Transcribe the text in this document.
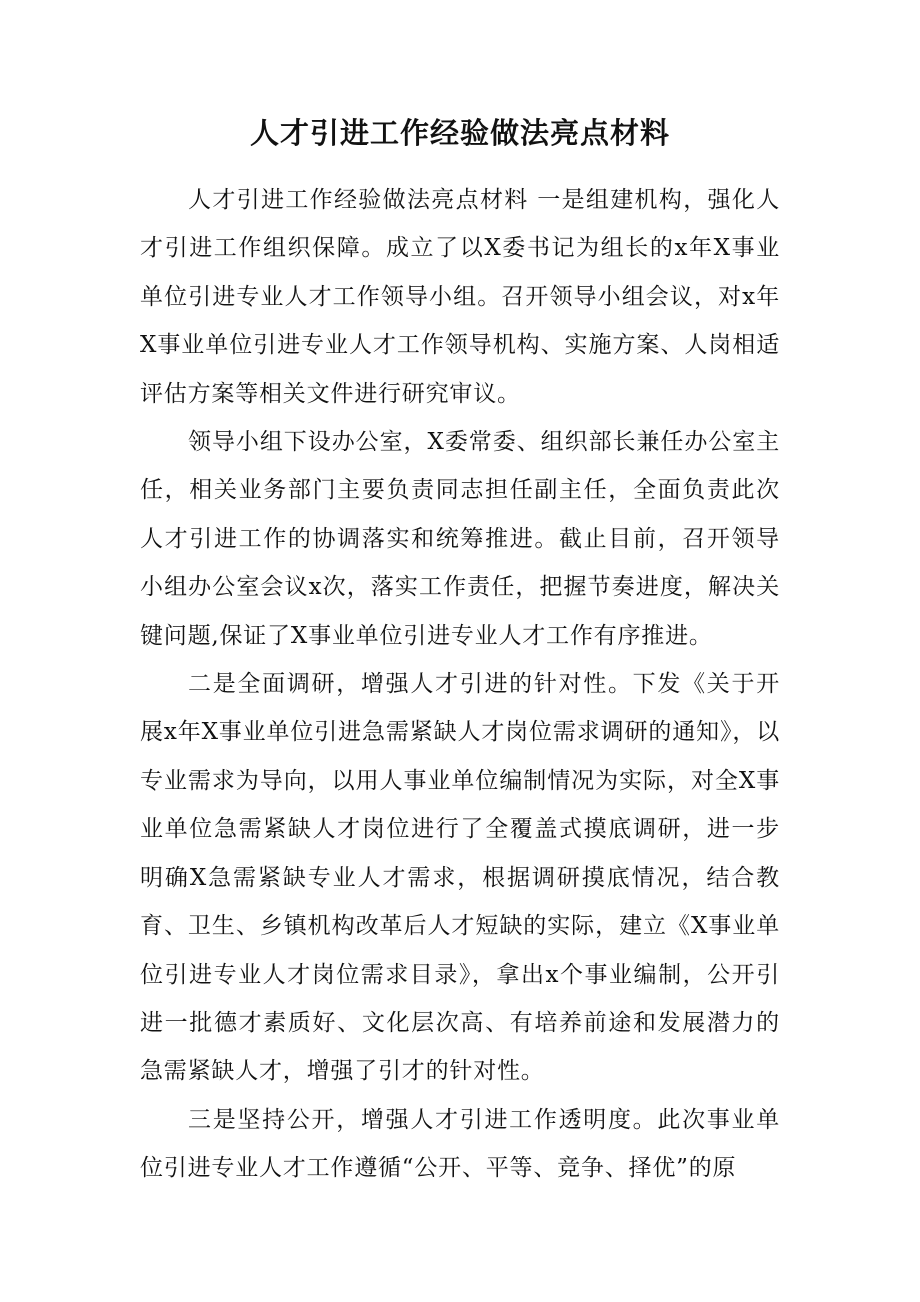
人才引进工作经验做法亮点材料

人才引进工作经验做法亮点材料 一是组建机构，强化人才引进工作组织保障。成立了以X委书记为组长的x年X事业单位引进专业人才工作领导小组。召开领导小组会议，对x年X事业单位引进专业人才工作领导机构、实施方案、人岗相适评估方案等相关文件进行研究审议。

领导小组下设办公室，X委常委、组织部长兼任办公室主任，相关业务部门主要负责同志担任副主任，全面负责此次人才引进工作的协调落实和统筹推进。截止目前，召开领导小组办公室会议x次，落实工作责任，把握节奏进度，解决关键问题,保证了X事业单位引进专业人才工作有序推进。

二是全面调研，增强人才引进的针对性。下发《关于开展x年X事业单位引进急需紧缺人才岗位需求调研的通知》，以专业需求为导向，以用人事业单位编制情况为实际，对全X事业单位急需紧缺人才岗位进行了全覆盖式摸底调研，进一步明确X急需紧缺专业人才需求，根据调研摸底情况，结合教育、卫生、乡镇机构改革后人才短缺的实际，建立《X事业单位引进专业人才岗位需求目录》，拿出x个事业编制，公开引进一批德才素质好、文化层次高、有培养前途和发展潜力的急需紧缺人才，增强了引才的针对性。

三是坚持公开，增强人才引进工作透明度。此次事业单位引进专业人才工作遵循“公开、平等、竞争、择优”的原
